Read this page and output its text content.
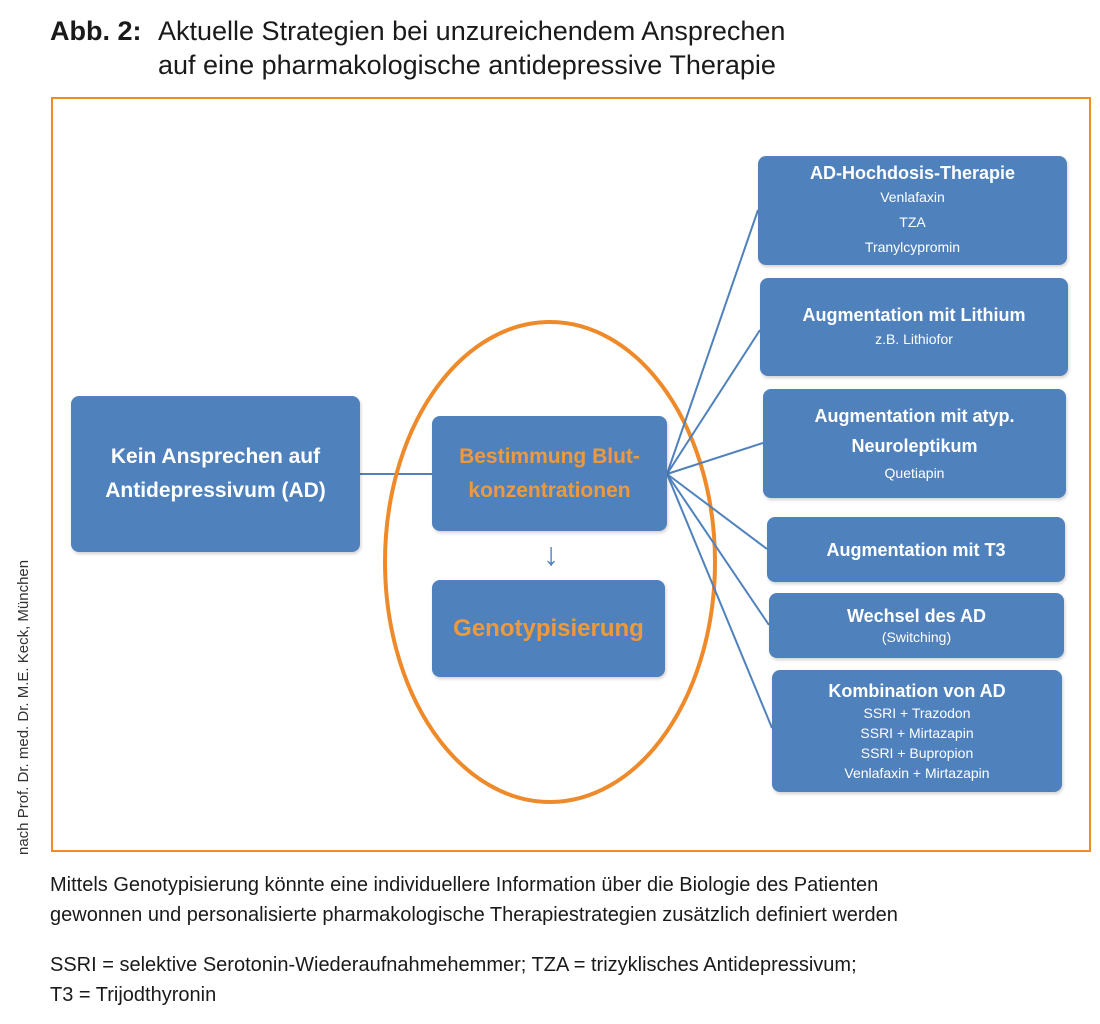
Abb. 2: Aktuelle Strategien bei unzureichendem Ansprechen
auf eine pharmakologische antidepressive Therapie
nach Prof. Dr. med. Dr. M.E. Keck, München
Kein Ansprechen auf
Antidepressivum (AD)
Bestimmung Blut-
konzentrationen
↓
Genotypisierung
AD-Hochdosis-Therapie
Venlafaxin
TZA
Tranylcypromin
Augmentation mit Lithium
z.B. Lithiofor
Augmentation mit atyp.
Neuroleptikum
Quetiapin
Augmentation mit T3
Wechsel des AD
(Switching)
Kombination von AD
SSRI + Trazodon
SSRI + Mirtazapin
SSRI + Bupropion
Venlafaxin + Mirtazapin
Mittels Genotypisierung könnte eine individuellere Information über die Biologie des Patienten
gewonnen und personalisierte pharmakologische Therapiestrategien zusätzlich definiert werden
SSRI = selektive Serotonin-Wiederaufnahmehemmer; TZA = trizyklisches Antidepressivum;
T3 = Trijodthyronin
